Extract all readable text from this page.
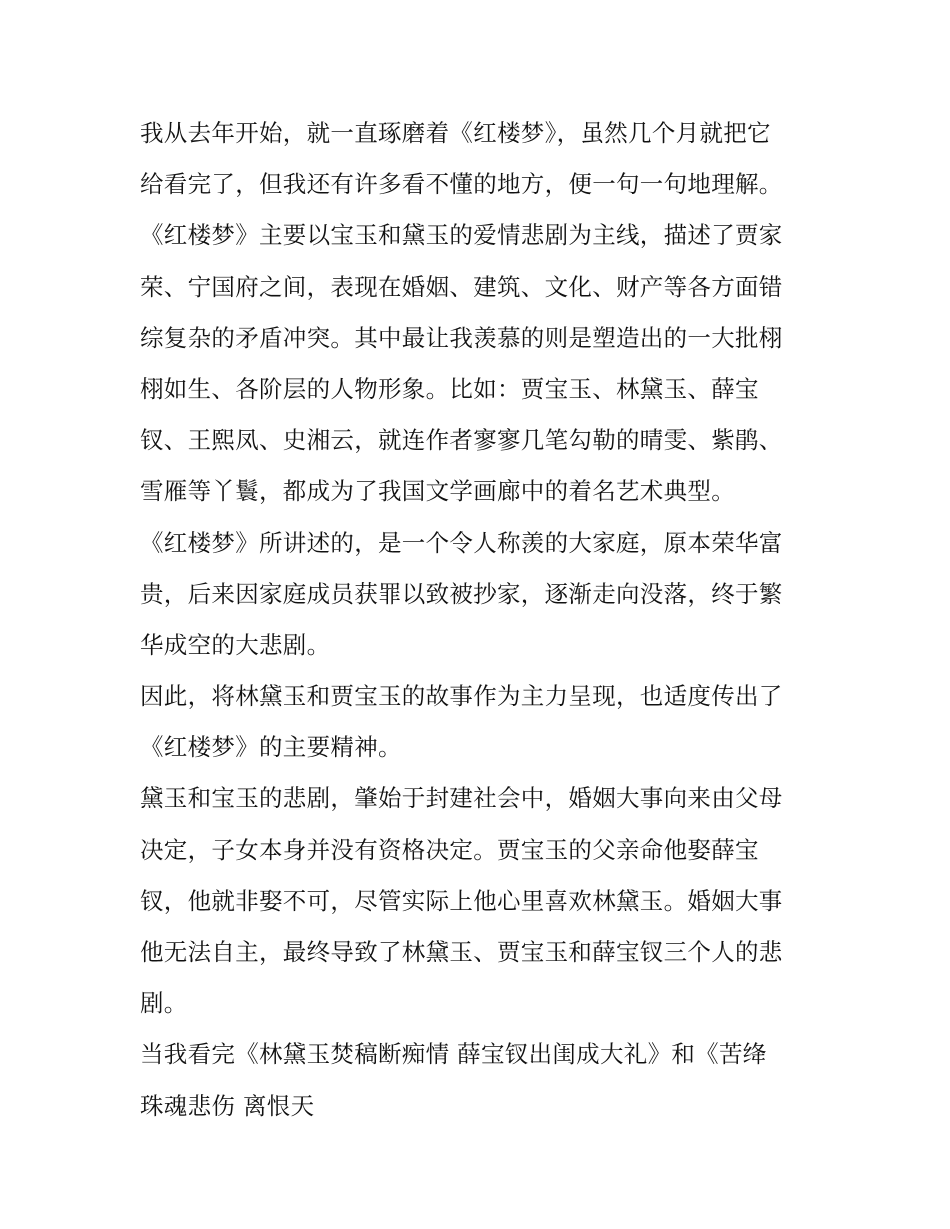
我从去年开始，就一直琢磨着《红楼梦》，虽然几个月就把它
给看完了，但我还有许多看不懂的地方，便一句一句地理解。
《红楼梦》主要以宝玉和黛玉的爱情悲剧为主线，描述了贾家
荣、宁国府之间，表现在婚姻、建筑、文化、财产等各方面错
综复杂的矛盾冲突。其中最让我羡慕的则是塑造出的一大批栩
栩如生、各阶层的人物形象。比如：贾宝玉、林黛玉、薛宝
钗、王熙凤、史湘云，就连作者寥寥几笔勾勒的晴雯、紫鹃、
雪雁等丫鬟，都成为了我国文学画廊中的着名艺术典型。
《红楼梦》所讲述的，是一个令人称羡的大家庭，原本荣华富
贵，后来因家庭成员获罪以致被抄家，逐渐走向没落，终于繁
华成空的大悲剧。
因此，将林黛玉和贾宝玉的故事作为主力呈现，也适度传出了
《红楼梦》的主要精神。
黛玉和宝玉的悲剧，肇始于封建社会中，婚姻大事向来由父母
决定，子女本身并没有资格决定。贾宝玉的父亲命他娶薛宝
钗，他就非娶不可，尽管实际上他心里喜欢林黛玉。婚姻大事
他无法自主，最终导致了林黛玉、贾宝玉和薛宝钗三个人的悲
剧。
当我看完《林黛玉焚稿断痴情 薛宝钗出闺成大礼》和《苦绛
珠魂悲伤 离恨天
